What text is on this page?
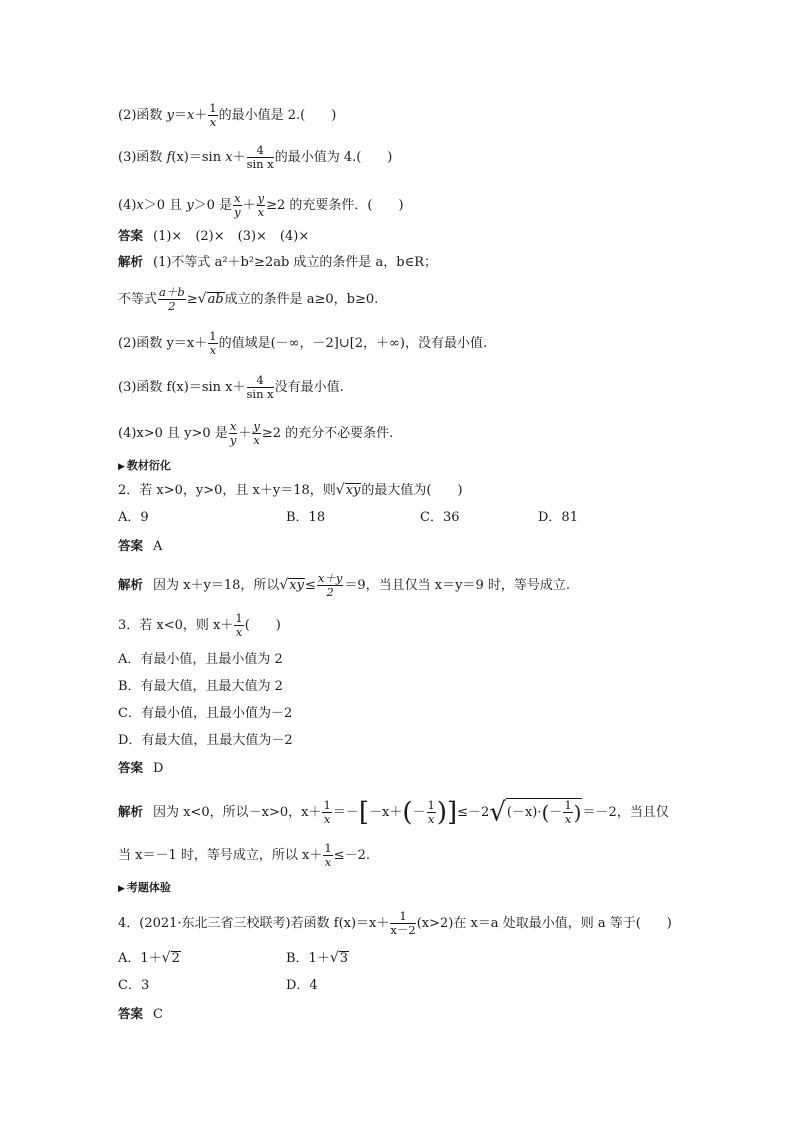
(2)函数 $y=x+ \frac{1}{x}$ 的最小值是 2.(　　)
(3)函数 f(x)＝sin $x+ \frac{4}{\text{sin x}}$ 的最小值为 4.(　　)
(4)x＞0 且 y＞0 是 $\frac{x}{y} + \frac{y}{x} \ge 2$ 的充要条件．(　　)
答案 (1)×　(2)×　(3)×　(4)×
解析 (1)不等式 a²＋b²≥2ab 成立的条件是 a，b∈R；
不等式 $\frac{a+b}{2} \ge√ab$成立的条件是 a≥0，b≥0.
(2)函数 $y=x+ \frac{1}{x}$ 的值域是(－∞，－2]∪[2，＋∞)，没有最小值.
(3)函数 f(x)＝sin $x+ \frac{4}{\text{sin x}}$ 没有最小值.
(4)x>0 且 y>0 是 $\frac{x}{y} + \frac{y}{x} \ge 2$ 的充分不必要条件.
▶ 教材衍化
2．若 x>0，y>0，且 x＋y＝18，则√xy的最大值为(　　)
A．9	B．18	C．36	D．81
答案 A
解析 因为 x＋y＝18，所以$√xy\le \frac{x+y}{2} =9$，当且仅当 x＝y＝9 时，等号成立.
3．若 x<0，则 $x+ \frac{1}{x}$ (　　)
A．有最小值，且最小值为 2
B．有最大值，且最大值为 2
C．有最小值，且最小值为－2
D．有最大值，且最大值为－2
答案 D
解析 因为 x<0，所以－x>0，$x+ \frac{1}{x} =-[-x+(- \frac{1}{x} )]\le-2√(-x)\cdot(- \frac{1}{x} )=-2$，当且仅
当 x＝－1 时，等号成立，所以 $x+ \frac{1}{x} \le-2$.
▶ 考题体验
4．(2021·东北三省三校联考)若函数 $f(x)=x+ \frac{1}{x-2} (x>2)$在 x＝a 处取最小值，则 a 等于(　　)
A．1＋√2	B．1＋√3
C．3	D．4
答案 C
